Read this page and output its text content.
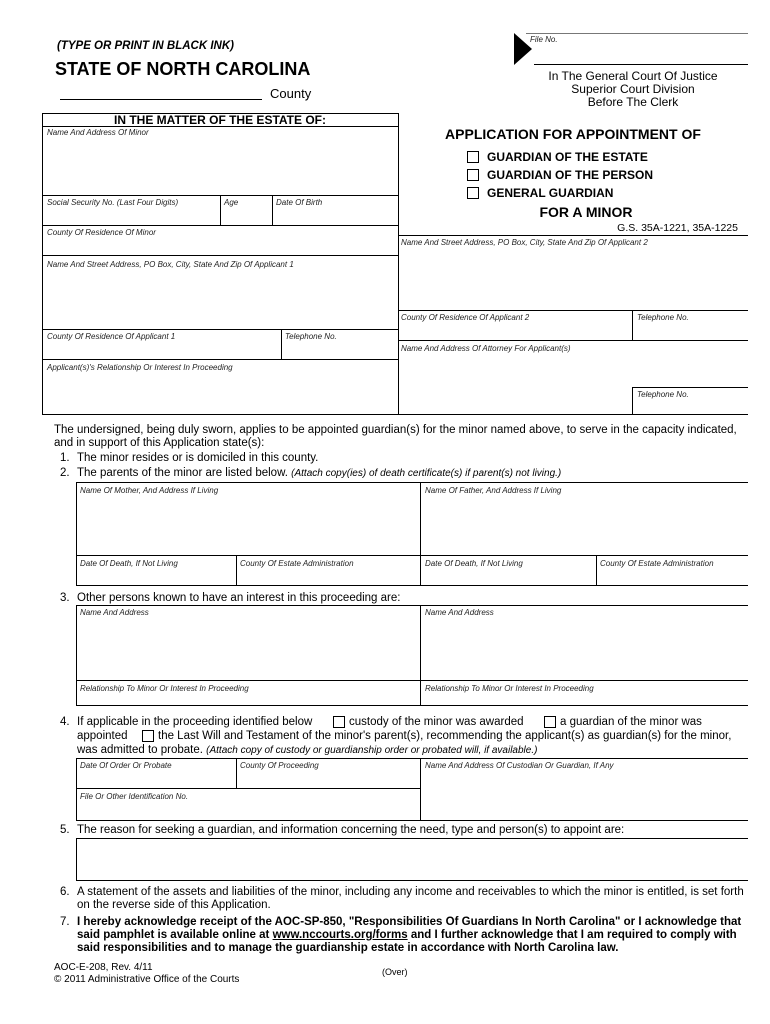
(TYPE OR PRINT IN BLACK INK)
STATE OF NORTH CAROLINA
County
File No.
In The General Court Of Justice
Superior Court Division
Before The Clerk
IN THE MATTER OF THE ESTATE OF:
Name And Address Of Minor
Social Security No. (Last Four Digits)	Age	Date Of Birth
County Of Residence Of Minor
Name And Street Address, PO Box, City, State And Zip Of Applicant 1
County Of Residence Of Applicant 1	Telephone No.
Applicant(s)'s Relationship Or Interest In Proceeding
APPLICATION FOR APPOINTMENT OF
GUARDIAN OF THE ESTATE
GUARDIAN OF THE PERSON
GENERAL GUARDIAN
FOR A MINOR
G.S. 35A-1221, 35A-1225
Name And Street Address, PO Box, City, State And Zip Of Applicant 2
County Of Residence Of Applicant 2	Telephone No.
Name And Address Of Attorney For Applicant(s)
Telephone No.
The undersigned, being duly sworn, applies to be appointed guardian(s) for the minor named above, to serve in the capacity indicated,
and in support of this Application state(s):
1. The minor resides or is domiciled in this county.
2. The parents of the minor are listed below. (Attach copy(ies) of death certificate(s) if parent(s) not living.)
Name Of Mother, And Address If Living	Name Of Father, And Address If Living
Date Of Death, If Not Living	County Of Estate Administration	Date Of Death, If Not Living	County Of Estate Administration
3. Other persons known to have an interest in this proceeding are:
Name And Address	Name And Address
Relationship To Minor Or Interest In Proceeding	Relationship To Minor Or Interest In Proceeding
4. If applicable in the proceeding identified below	custody of the minor was awarded	a guardian of the minor was
appointed	the Last Will and Testament of the minor's parent(s), recommending the applicant(s) as guardian(s) for the minor,
was admitted to probate. (Attach copy of custody or guardianship order or probated will, if available.)
Date Of Order Or Probate	County Of Proceeding	Name And Address Of Custodian Or Guardian, If Any
File Or Other Identification No.
5. The reason for seeking a guardian, and information concerning the need, type and person(s) to appoint are:
6. A statement of the assets and liabilities of the minor, including any income and receivables to which the minor is entitled, is set forth
on the reverse side of this Application.
7. I hereby acknowledge receipt of the AOC-SP-850, "Responsibilities Of Guardians In North Carolina" or I acknowledge that
said pamphlet is available online at www.nccourts.org/forms and I further acknowledge that I am required to comply with
said responsibilities and to manage the guardianship estate in accordance with North Carolina law.
AOC-E-208, Rev. 4/11
© 2011 Administrative Office of the Courts
(Over)
